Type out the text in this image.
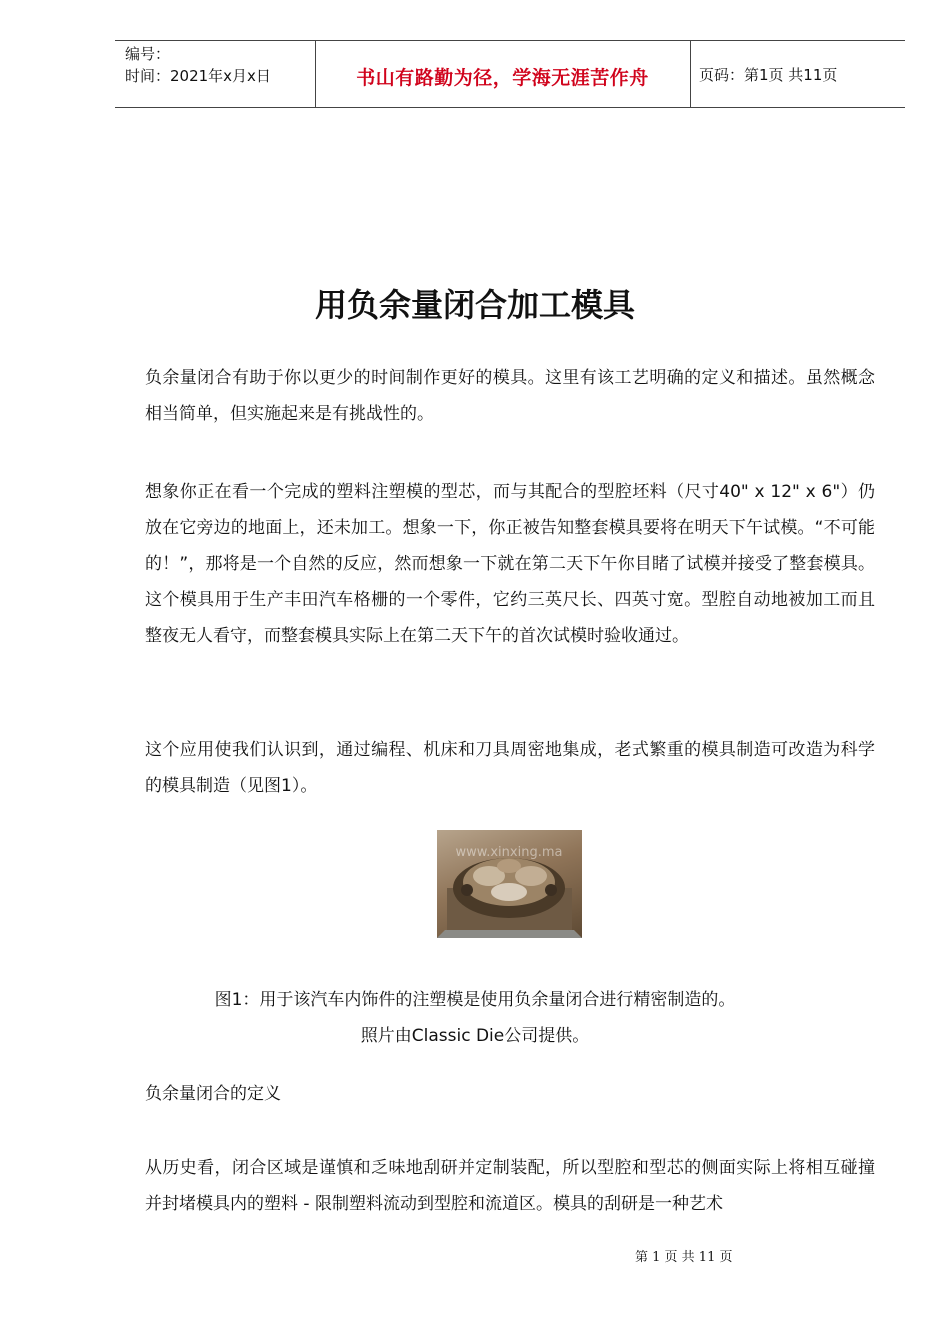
编号：
时间：2021年x月x日	书山有路勤为径，学海无涯苦作舟	页码：第1页 共11页
用负余量闭合加工模具

负余量闭合有助于你以更少的时间制作更好的模具。这里有该工艺明确的定义和描述。虽然概念相当简单，但实施起来是有挑战性的。

想象你正在看一个完成的塑料注塑模的型芯，而与其配合的型腔坯料（尺寸40" x 12" x 6"）仍放在它旁边的地面上，还未加工。想象一下，你正被告知整套模具要将在明天下午试模。“不可能的！”，那将是一个自然的反应，然而想象一下就在第二天下午你目睹了试模并接受了整套模具。这个模具用于生产丰田汽车格栅的一个零件，它约三英尺长、四英寸宽。型腔自动地被加工而且整夜无人看守，而整套模具实际上在第二天下午的首次试模时验收通过。

这个应用使我们认识到，通过编程、机床和刀具周密地集成，老式繁重的模具制造可改造为科学的模具制造（见图1）。

www.xinxing.ma
图1：用于该汽车内饰件的注塑模是使用负余量闭合进行精密制造的。
照片由Classic Die公司提供。

负余量闭合的定义

从历史看，闭合区域是谨慎和乏味地刮研并定制装配，所以型腔和型芯的侧面实际上将相互碰撞并封堵模具内的塑料 - 限制塑料流动到型腔和流道区。模具的刮研是一种艺术

第 1 页 共 11 页
